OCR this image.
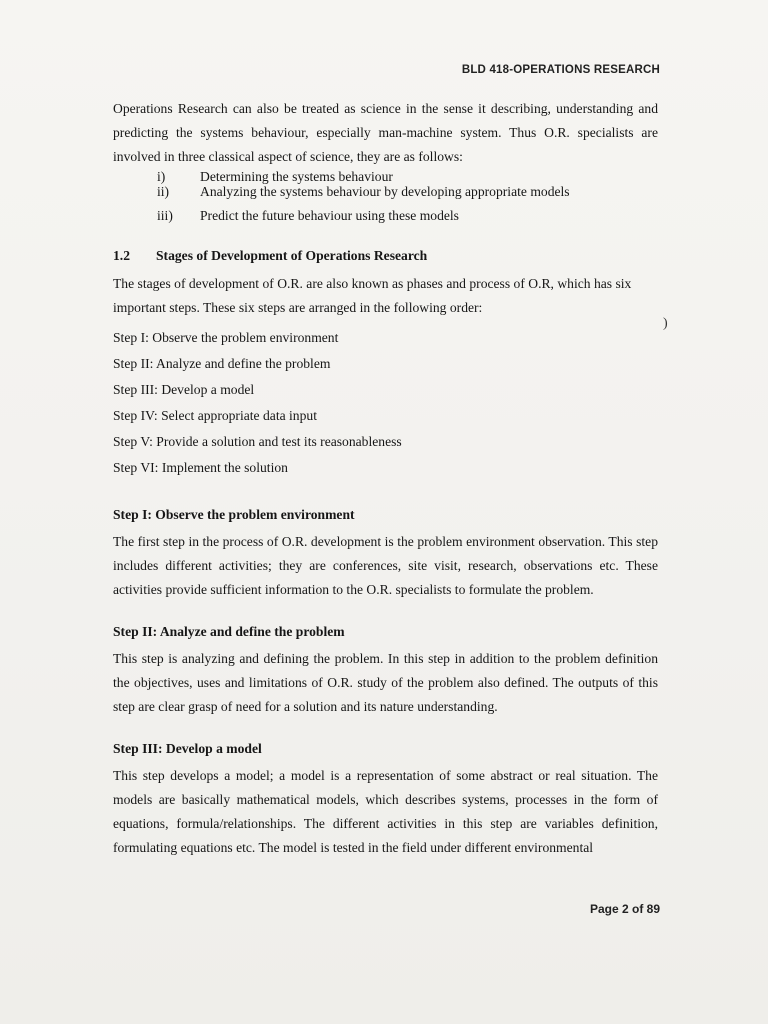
BLD 418-OPERATIONS RESEARCH
)

Operations Research can also be treated as science in the sense it describing, understanding and predicting the systems behaviour, especially man-machine system. Thus O.R. specialists are involved in three classical aspect of science, they are as follows:

i)	Determining the systems behaviour
ii)	Analyzing the systems behaviour by developing appropriate models
iii)	Predict the future behaviour using these models
1.2	Stages of Development of Operations Research

The stages of development of O.R. are also known as phases and process of O.R, which has six important steps. These six steps are arranged in the following order:

Step I: Observe the problem environment

Step II: Analyze and define the problem

Step III: Develop a model

Step IV: Select appropriate data input

Step V: Provide a solution and test its reasonableness

Step VI: Implement the solution

Step I: Observe the problem environment

The first step in the process of O.R. development is the problem environment observation. This step includes different activities; they are conferences, site visit, research, observations etc. These activities provide sufficient information to the O.R. specialists to formulate the problem.

Step II: Analyze and define the problem

This step is analyzing and defining the problem. In this step in addition to the problem definition the objectives, uses and limitations of O.R. study of the problem also defined. The outputs of this step are clear grasp of need for a solution and its nature understanding.

Step III: Develop a model

This step develops a model; a model is a representation of some abstract or real situation. The models are basically mathematical models, which describes systems, processes in the form of equations, formula/relationships. The different activities in this step are variables definition, formulating equations etc. The model is tested in the field under different environmental

Page 2 of 89
